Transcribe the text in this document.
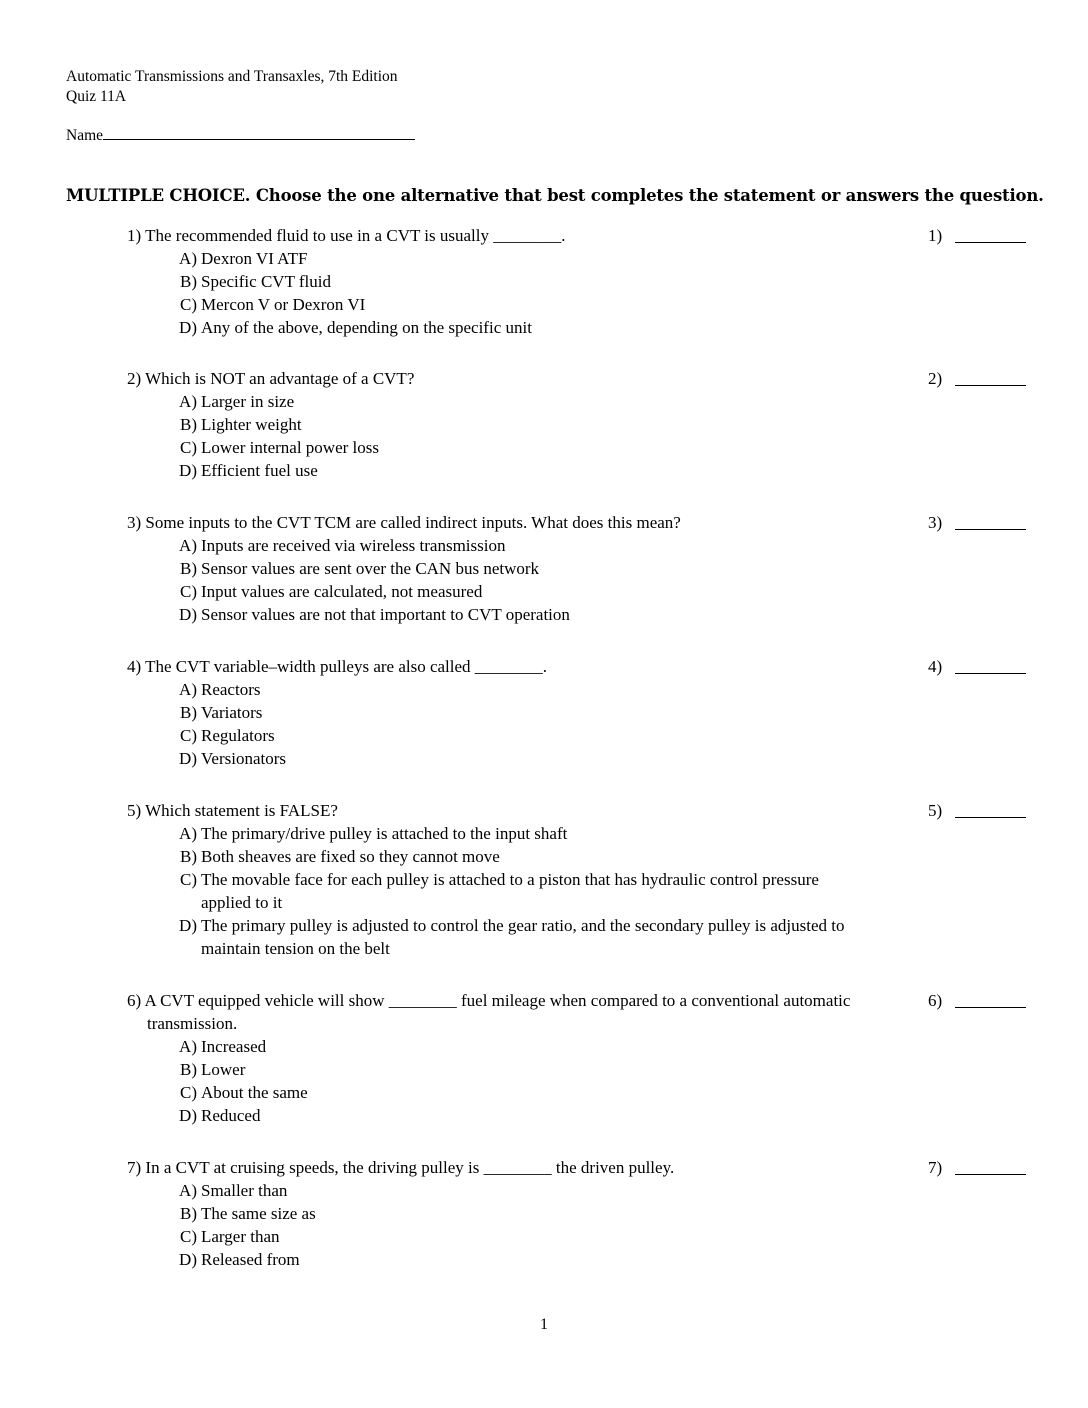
Automatic Transmissions and Transaxles, 7th Edition
Quiz 11A
Name
MULTIPLE CHOICE. Choose the one alternative that best completes the statement or answers the question.
1) The recommended fluid to use in a CVT is usually ________.
A) Dexron VI ATF
B) Specific CVT fluid
C) Mercon V or Dexron VI
D) Any of the above, depending on the specific unit
1)
2) Which is NOT an advantage of a CVT?
A) Larger in size
B) Lighter weight
C) Lower internal power loss
D) Efficient fuel use
2)
3) Some inputs to the CVT TCM are called indirect inputs. What does this mean?
A) Inputs are received via wireless transmission
B) Sensor values are sent over the CAN bus network
C) Input values are calculated, not measured
D) Sensor values are not that important to CVT operation
3)
4) The CVT variable–width pulleys are also called ________.
A) Reactors
B) Variators
C) Regulators
D) Versionators
4)
5) Which statement is FALSE?
A) The primary/drive pulley is attached to the input shaft
B) Both sheaves are fixed so they cannot move
C) The movable face for each pulley is attached to a piston that has hydraulic control pressure applied to it
D) The primary pulley is adjusted to control the gear ratio, and the secondary pulley is adjusted to maintain tension on the belt
5)
6) A CVT equipped vehicle will show ________ fuel mileage when compared to a conventional automatic transmission.
A) Increased
B) Lower
C) About the same
D) Reduced
6)
7) In a CVT at cruising speeds, the driving pulley is ________ the driven pulley.
A) Smaller than
B) The same size as
C) Larger than
D) Released from
7)
1
